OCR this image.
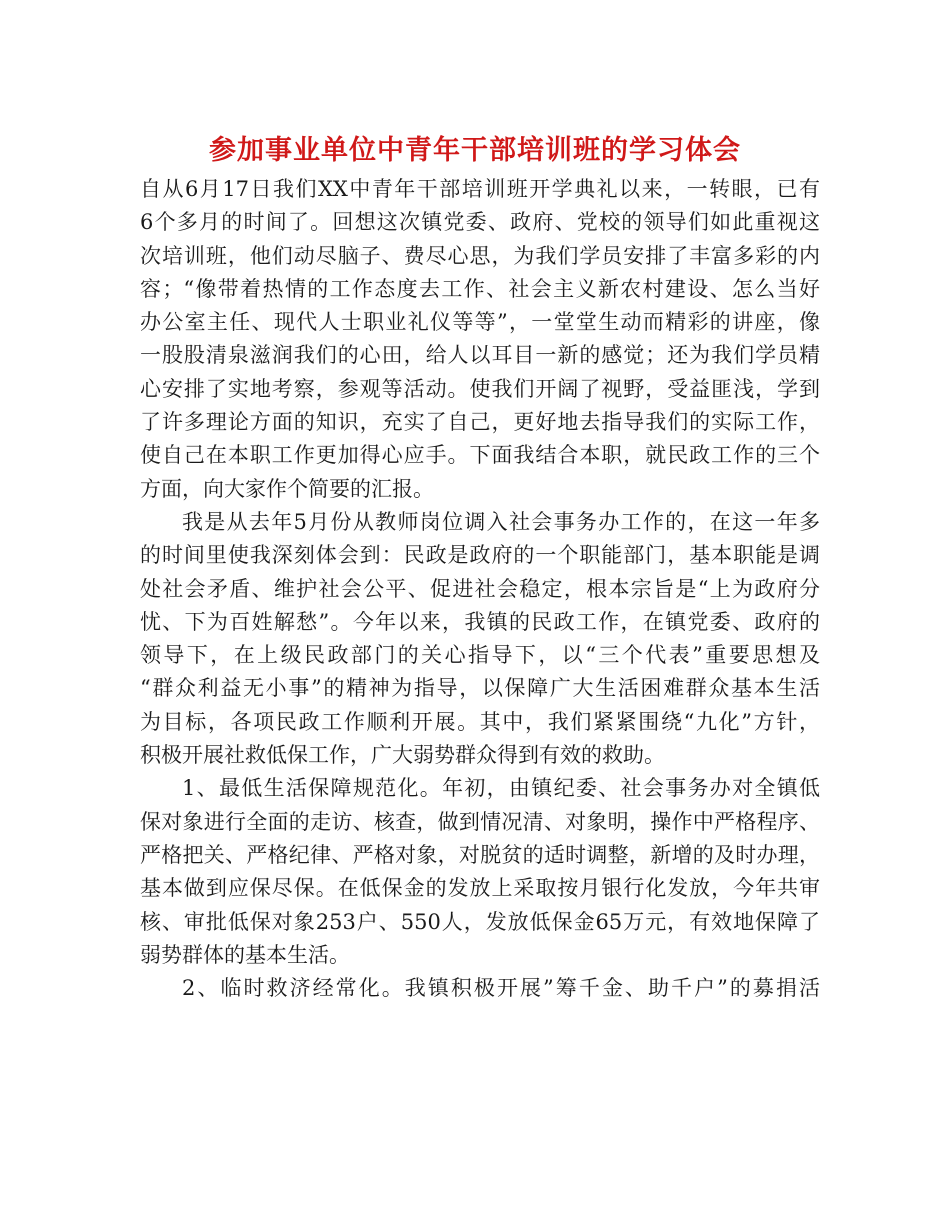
参加事业单位中青年干部培训班的学习体会
自从6月17日我们XX中青年干部培训班开学典礼以来，一转眼，已有
6个多月的时间了。回想这次镇党委、政府、党校的领导们如此重视这
次培训班，他们动尽脑子、费尽心思，为我们学员安排了丰富多彩的内
容；“像带着热情的工作态度去工作、社会主义新农村建设、怎么当好
办公室主任、现代人士职业礼仪等等”，一堂堂生动而精彩的讲座，像
一股股清泉滋润我们的心田，给人以耳目一新的感觉；还为我们学员精
心安排了实地考察，参观等活动。使我们开阔了视野，受益匪浅，学到
了许多理论方面的知识，充实了自己，更好地去指导我们的实际工作，
使自己在本职工作更加得心应手。下面我结合本职，就民政工作的三个
方面，向大家作个简要的汇报。
我是从去年5月份从教师岗位调入社会事务办工作的，在这一年多
的时间里使我深刻体会到：民政是政府的一个职能部门，基本职能是调
处社会矛盾、维护社会公平、促进社会稳定，根本宗旨是“上为政府分
忧、下为百姓解愁”。今年以来，我镇的民政工作，在镇党委、政府的
领导下，在上级民政部门的关心指导下，以“三个代表”重要思想及
“群众利益无小事”的精神为指导，以保障广大生活困难群众基本生活
为目标，各项民政工作顺利开展。其中，我们紧紧围绕“九化”方针，
积极开展社救低保工作，广大弱势群众得到有效的救助。
1、最低生活保障规范化。年初，由镇纪委、社会事务办对全镇低
保对象进行全面的走访、核查，做到情况清、对象明，操作中严格程序、
严格把关、严格纪律、严格对象，对脱贫的适时调整，新增的及时办理，
基本做到应保尽保。在低保金的发放上采取按月银行化发放，今年共审
核、审批低保对象253户、550人，发放低保金65万元，有效地保障了
弱势群体的基本生活。
2、临时救济经常化。我镇积极开展”筹千金、助千户”的募捐活
